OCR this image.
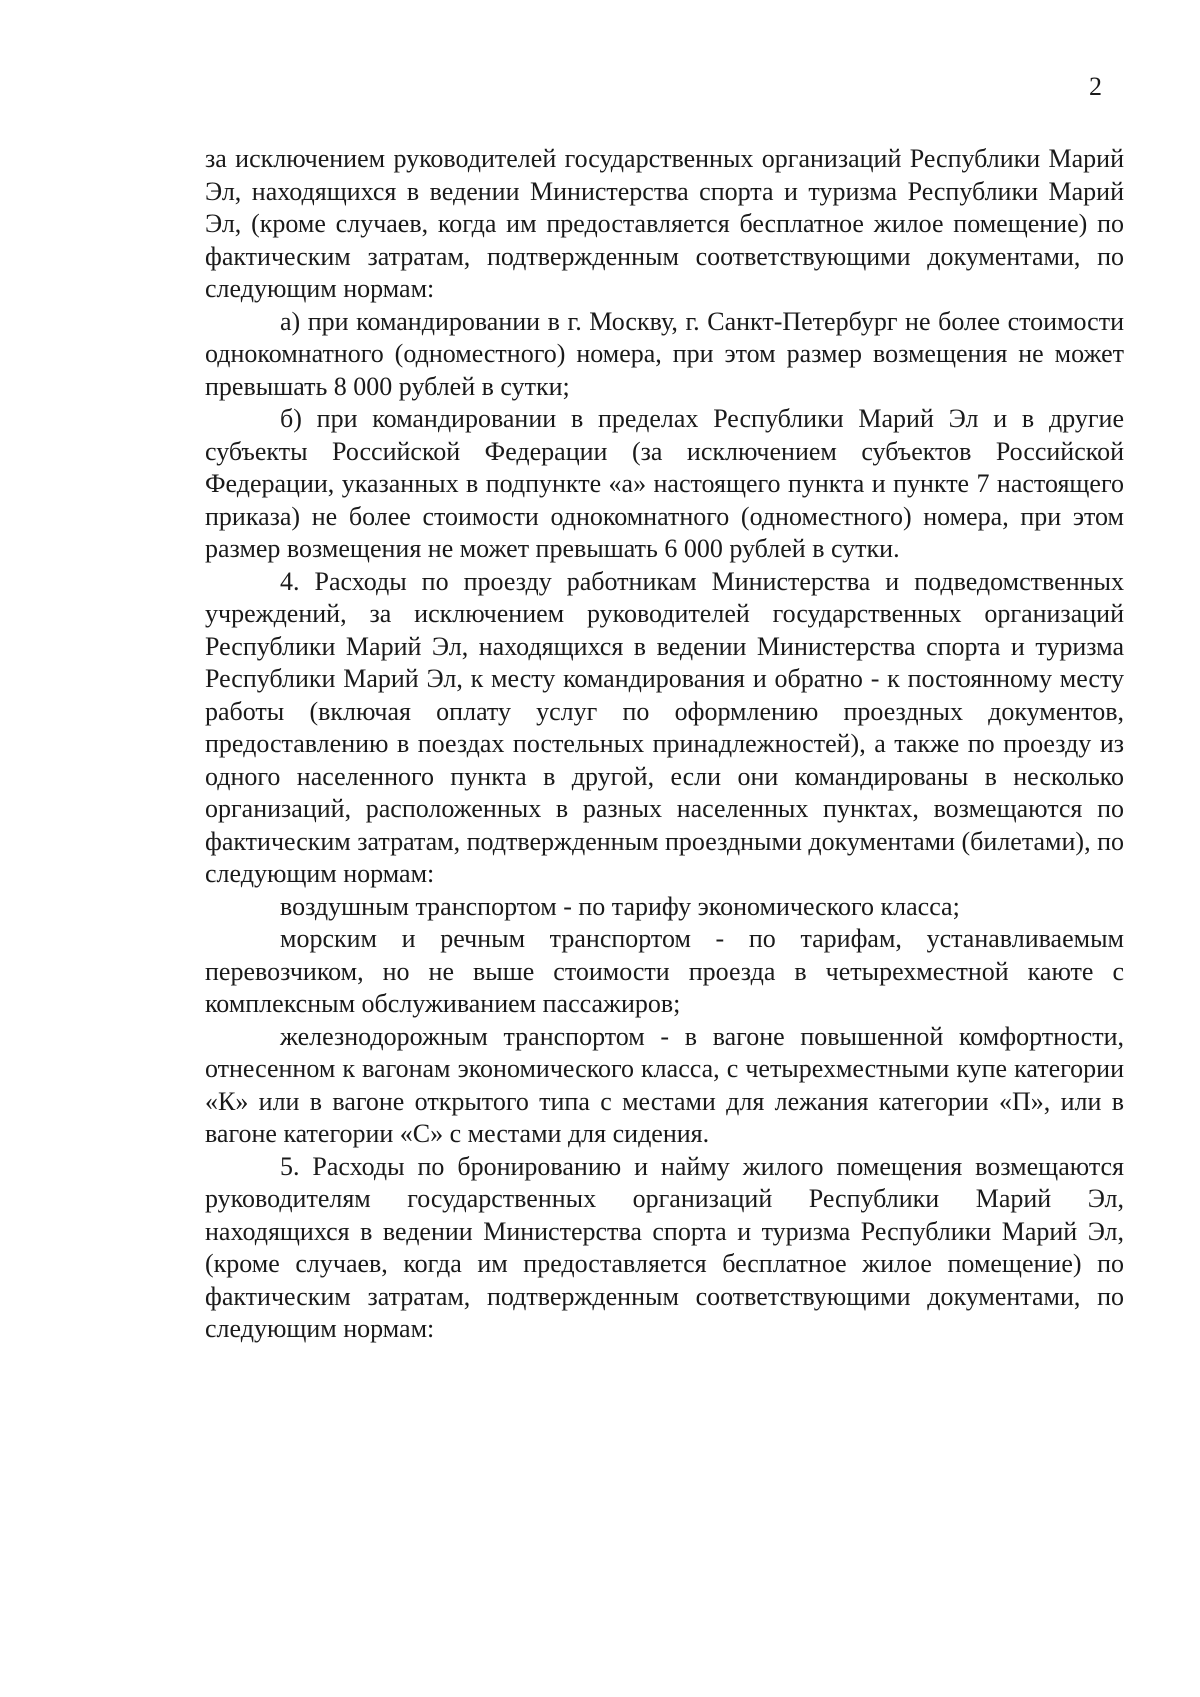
2

за исключением руководителей государственных организаций Республики Марий Эл, находящихся в ведении Министерства спорта и туризма Республики Марий Эл, (кроме случаев, когда им предоставляется бесплатное жилое помещение) по фактическим затратам, подтвержденным соответствующими документами, по следующим нормам:

а) при командировании в г. Москву, г. Санкт-Петербург не более стоимости однокомнатного (одноместного) номера, при этом размер возмещения не может превышать 8 000 рублей в сутки;

б) при командировании в пределах Республики Марий Эл и в другие субъекты Российской Федерации (за исключением субъектов Российской Федерации, указанных в подпункте «а» настоящего пункта и пункте 7 настоящего приказа) не более стоимости однокомнатного (одноместного) номера, при этом размер возмещения не может превышать 6 000 рублей в сутки.

4. Расходы по проезду работникам Министерства и подведомственных учреждений, за исключением руководителей государственных организаций Республики Марий Эл, находящихся в ведении Министерства спорта и туризма Республики Марий Эл, к месту командирования и обратно - к постоянному месту работы (включая оплату услуг по оформлению проездных документов, предоставлению в поездах постельных принадлежностей), а также по проезду из одного населенного пункта в другой, если они командированы в несколько организаций, расположенных в разных населенных пунктах, возмещаются по фактическим затратам, подтвержденным проездными документами (билетами), по следующим нормам:

воздушным транспортом - по тарифу экономического класса;

морским и речным транспортом - по тарифам, устанавливаемым перевозчиком, но не выше стоимости проезда в четырехместной каюте с комплексным обслуживанием пассажиров;

железнодорожным транспортом - в вагоне повышенной комфортности, отнесенном к вагонам экономического класса, с четырехместными купе категории «К» или в вагоне открытого типа с местами для лежания категории «П», или в вагоне категории «С» с местами для сидения.

5. Расходы по бронированию и найму жилого помещения возмещаются руководителям государственных организаций Республики Марий Эл, находящихся в ведении Министерства спорта и туризма Республики Марий Эл, (кроме случаев, когда им предоставляется бесплатное жилое помещение) по фактическим затратам, подтвержденным соответствующими документами, по следующим нормам:
